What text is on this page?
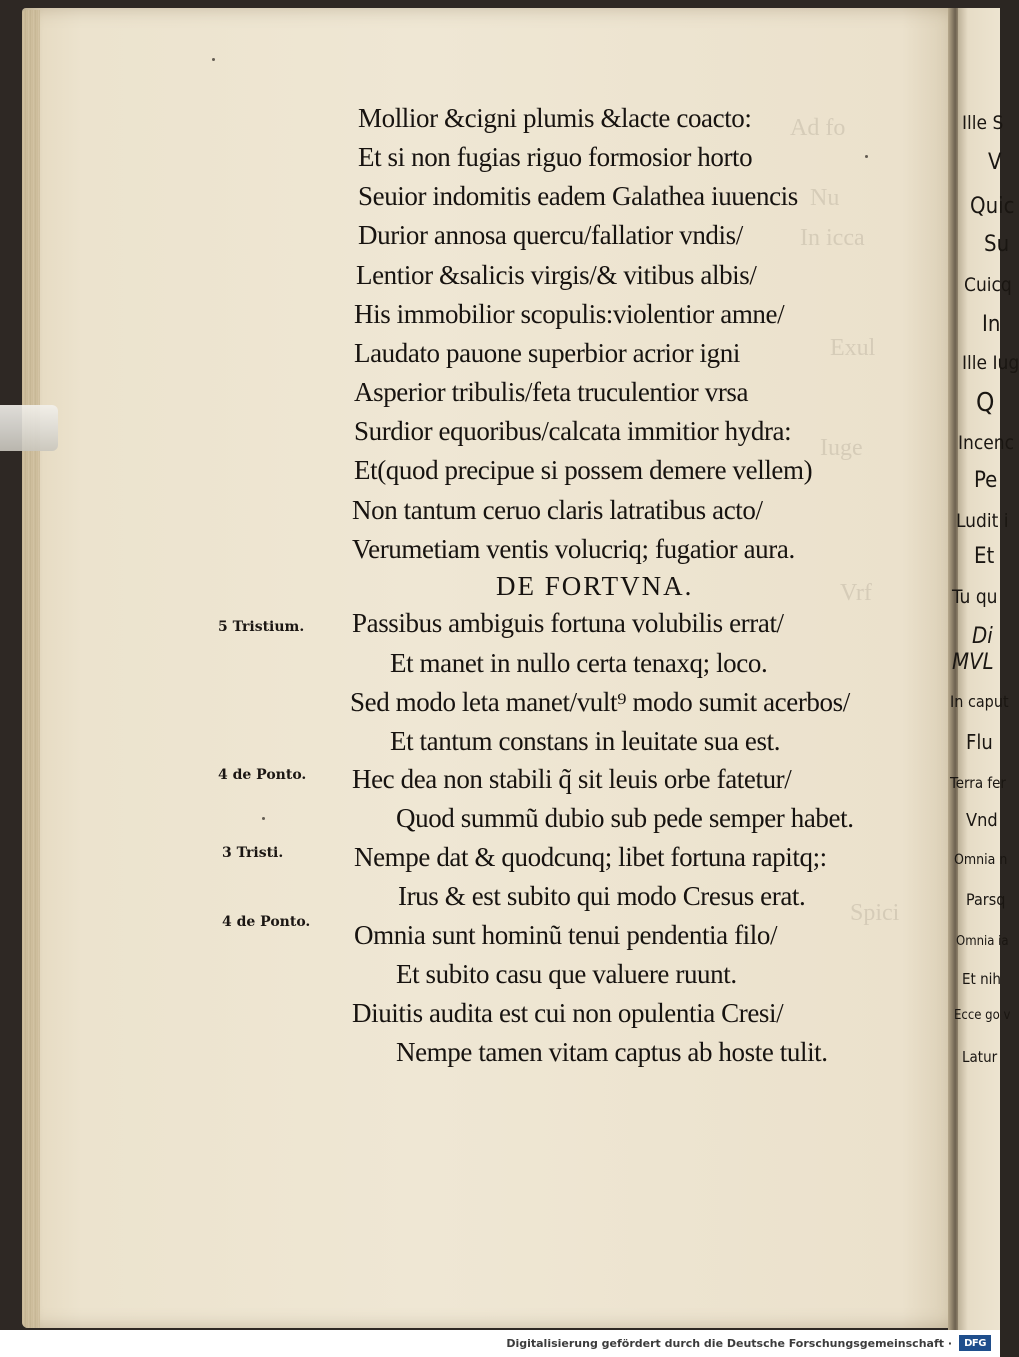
Ad fo
Nu
In icca
Exul
Iuge
Vrf
Spici
Ille S
V
Quic
Su
Cuicq
In
Ille Iug
Q
Incenc
Pe
Ludit i
Et
Tu qu
Di
MVL
In caput
Flu
Terra fer
Vnd
Omnia n
Parsq
Omnia ia
Et nih
Ecce go v
Latur
Mollior &cigni plumis &lacte coacto:
Et si non fugias riguo formosior horto
Seuior indomitis eadem Galathea iuuencis
Durior annosa quercu/fallatior vndis/
Lentior &salicis virgis/& vitibus albis/
His immobilior scopulis:violentior amne/
Laudato pauone superbior acrior igni
Asperior tribulis/feta truculentior vrsa
Surdior equoribus/calcata immitior hydra:
Et(quod precipue si possem demere vellem)
Non tantum ceruo claris latratibus acto/
Verumetiam ventis volucriq; fugatior aura.
DE FORTVNA.
Passibus ambiguis fortuna volubilis errat/
Et manet in nullo certa tenaxq; loco.
Sed modo leta manet/vult⁹ modo sumit acerbos/
Et tantum constans in leuitate sua est.
Hec dea non stabili q̃ sit leuis orbe fatetur/
Quod summũ dubio sub pede semper habet.
Nempe dat & quodcunq; libet fortuna rapitq;:
Irus & est subito qui modo Cresus erat.
Omnia sunt hominũ tenui pendentia filo/
Et subito casu que valuere ruunt.
Diuitis audita est cui non opulentia Cresi/
Nempe tamen vitam captus ab hoste tulit.
5 Tristium.
4 de Ponto.
3 Tristi.
4 de Ponto.
Digitalisierung gefördert durch die Deutsche Forschungsgemeinschaft ·	DFG
